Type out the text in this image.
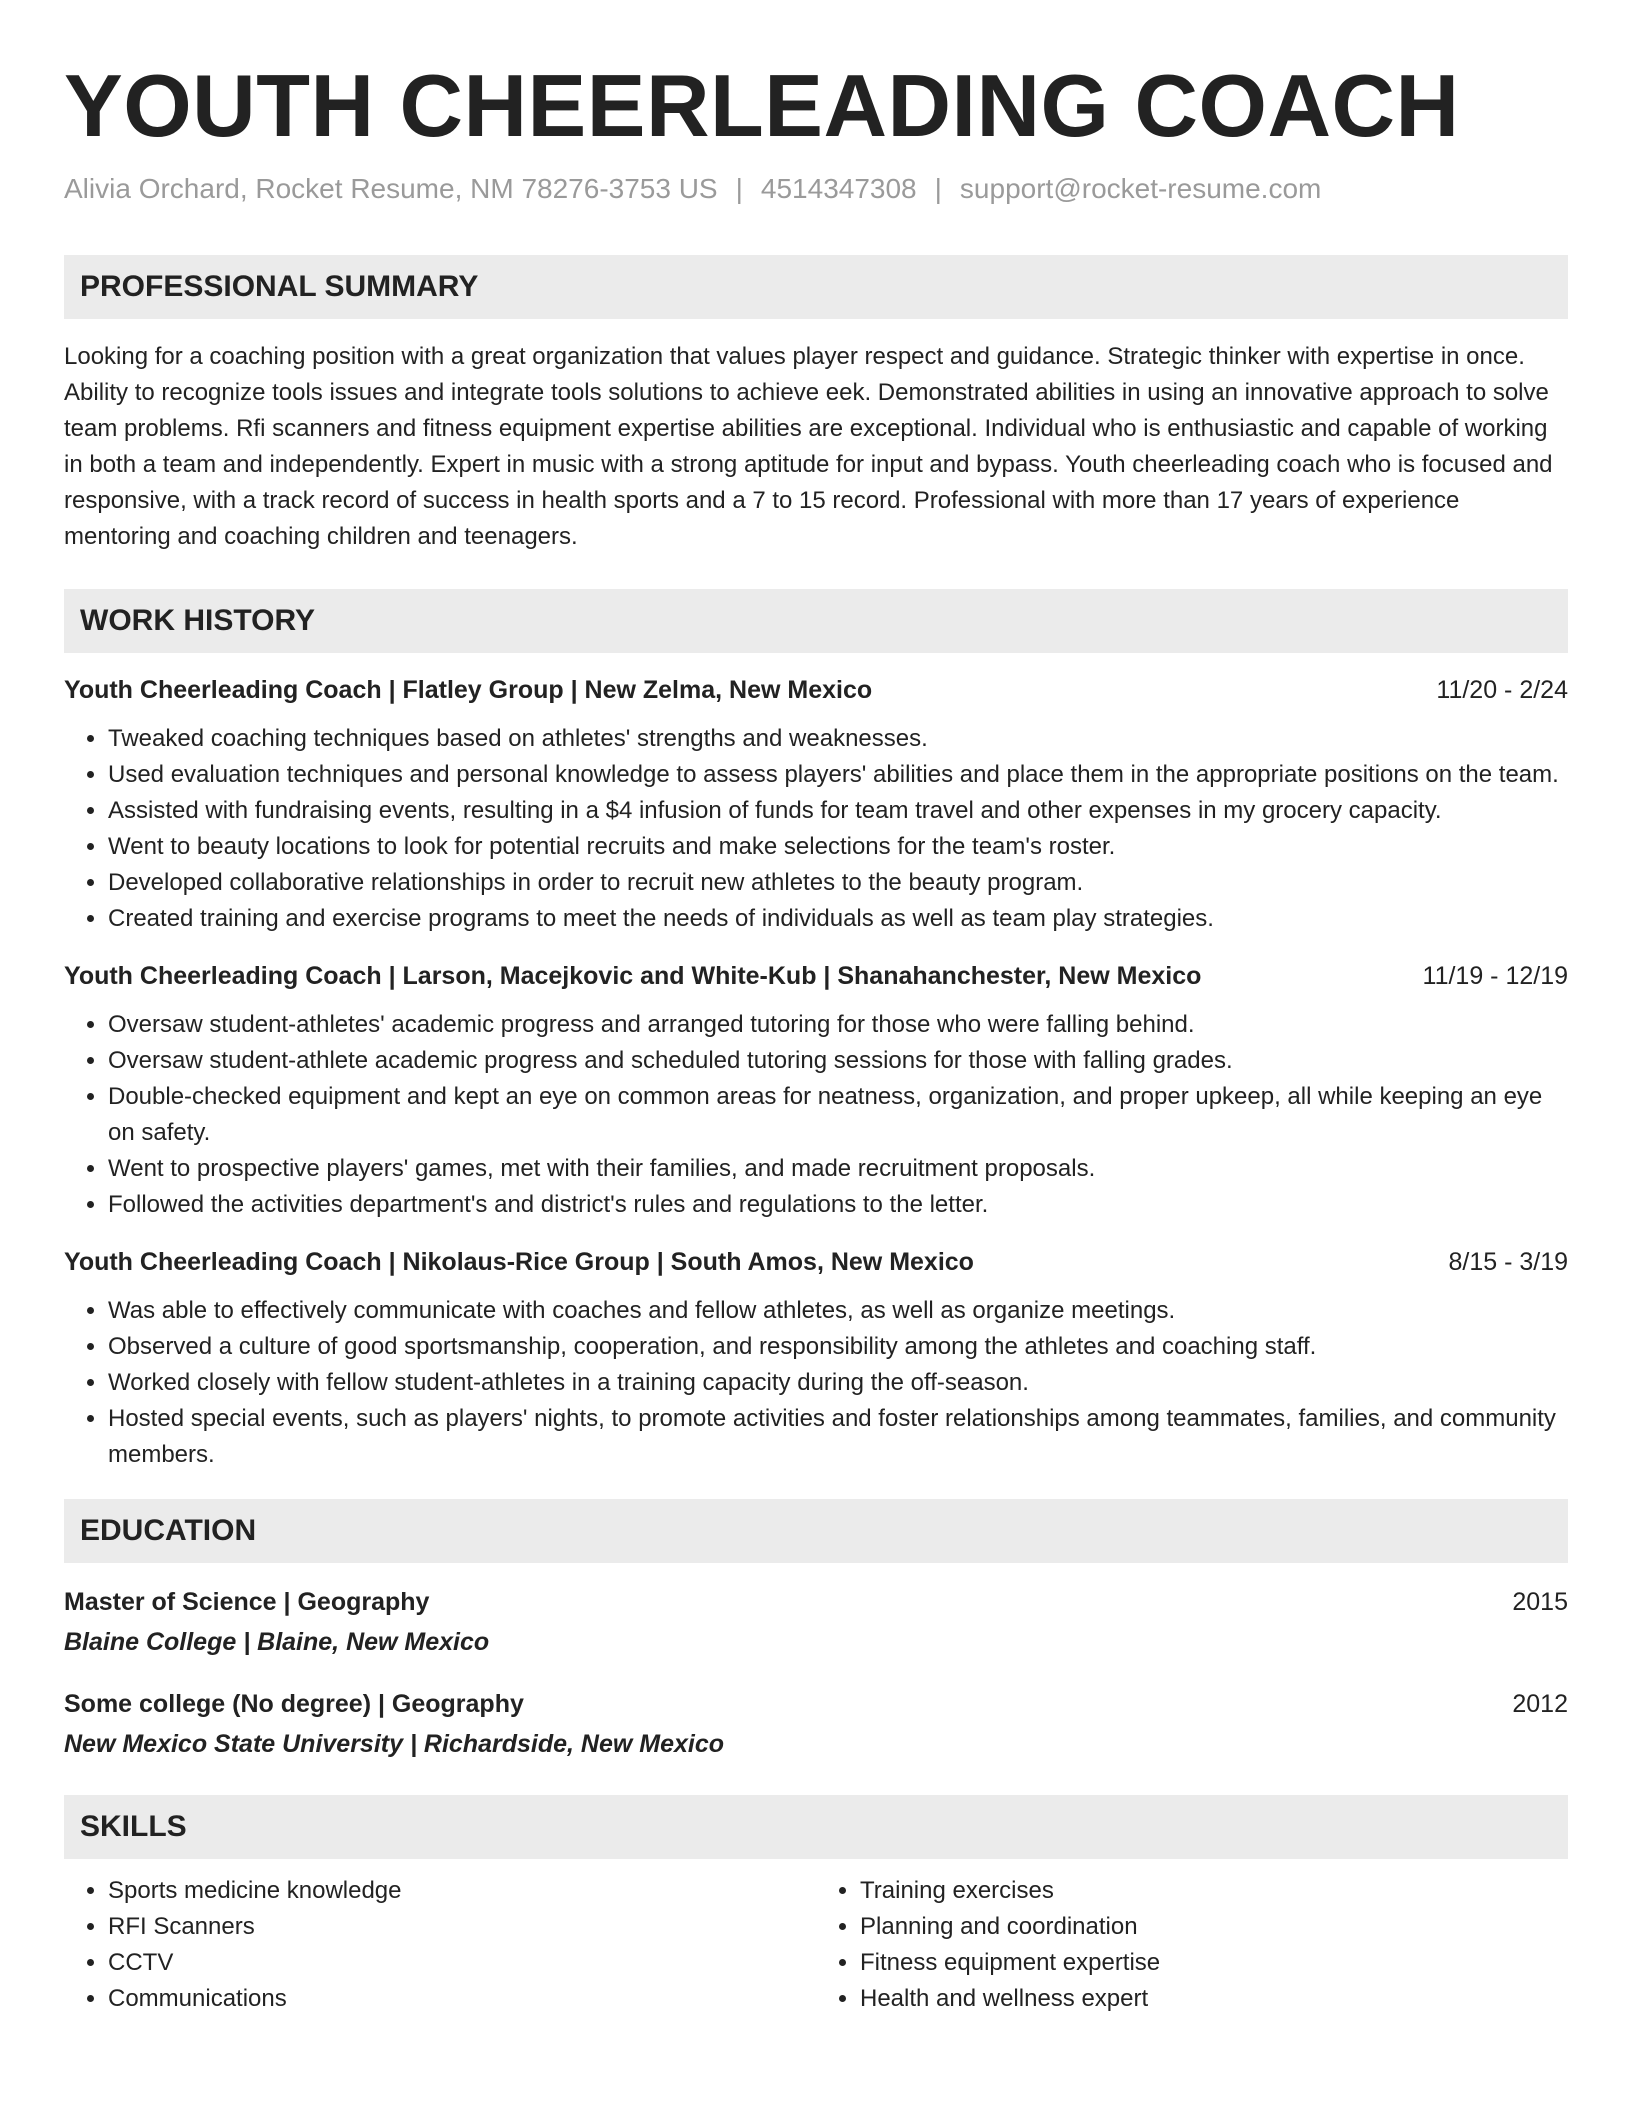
YOUTH CHEERLEADING COACH
Alivia Orchard, Rocket Resume, NM 78276-3753 US | 4514347308 | support@rocket-resume.com
PROFESSIONAL SUMMARY
Looking for a coaching position with a great organization that values player respect and guidance. Strategic thinker with expertise in once. Ability to recognize tools issues and integrate tools solutions to achieve eek. Demonstrated abilities in using an innovative approach to solve team problems. Rfi scanners and fitness equipment expertise abilities are exceptional. Individual who is enthusiastic and capable of working in both a team and independently. Expert in music with a strong aptitude for input and bypass. Youth cheerleading coach who is focused and responsive, with a track record of success in health sports and a 7 to 15 record. Professional with more than 17 years of experience mentoring and coaching children and teenagers.
WORK HISTORY
Youth Cheerleading Coach | Flatley Group | New Zelma, New Mexico	11/20 - 2/24
• Tweaked coaching techniques based on athletes' strengths and weaknesses.
• Used evaluation techniques and personal knowledge to assess players' abilities and place them in the appropriate positions on the team.
• Assisted with fundraising events, resulting in a $4 infusion of funds for team travel and other expenses in my grocery capacity.
• Went to beauty locations to look for potential recruits and make selections for the team's roster.
• Developed collaborative relationships in order to recruit new athletes to the beauty program.
• Created training and exercise programs to meet the needs of individuals as well as team play strategies.
Youth Cheerleading Coach | Larson, Macejkovic and White-Kub | Shanahanchester, New Mexico	11/19 - 12/19
• Oversaw student-athletes' academic progress and arranged tutoring for those who were falling behind.
• Oversaw student-athlete academic progress and scheduled tutoring sessions for those with falling grades.
• Double-checked equipment and kept an eye on common areas for neatness, organization, and proper upkeep, all while keeping an eye on safety.
• Went to prospective players' games, met with their families, and made recruitment proposals.
• Followed the activities department's and district's rules and regulations to the letter.
Youth Cheerleading Coach | Nikolaus-Rice Group | South Amos, New Mexico	8/15 - 3/19
• Was able to effectively communicate with coaches and fellow athletes, as well as organize meetings.
• Observed a culture of good sportsmanship, cooperation, and responsibility among the athletes and coaching staff.
• Worked closely with fellow student-athletes in a training capacity during the off-season.
• Hosted special events, such as players' nights, to promote activities and foster relationships among teammates, families, and community members.
EDUCATION
Master of Science | Geography	2015
Blaine College | Blaine, New Mexico
Some college (No degree) | Geography	2012
New Mexico State University | Richardside, New Mexico
SKILLS
• Sports medicine knowledge
• RFI Scanners
• CCTV
• Communications
• Training exercises
• Planning and coordination
• Fitness equipment expertise
• Health and wellness expert
